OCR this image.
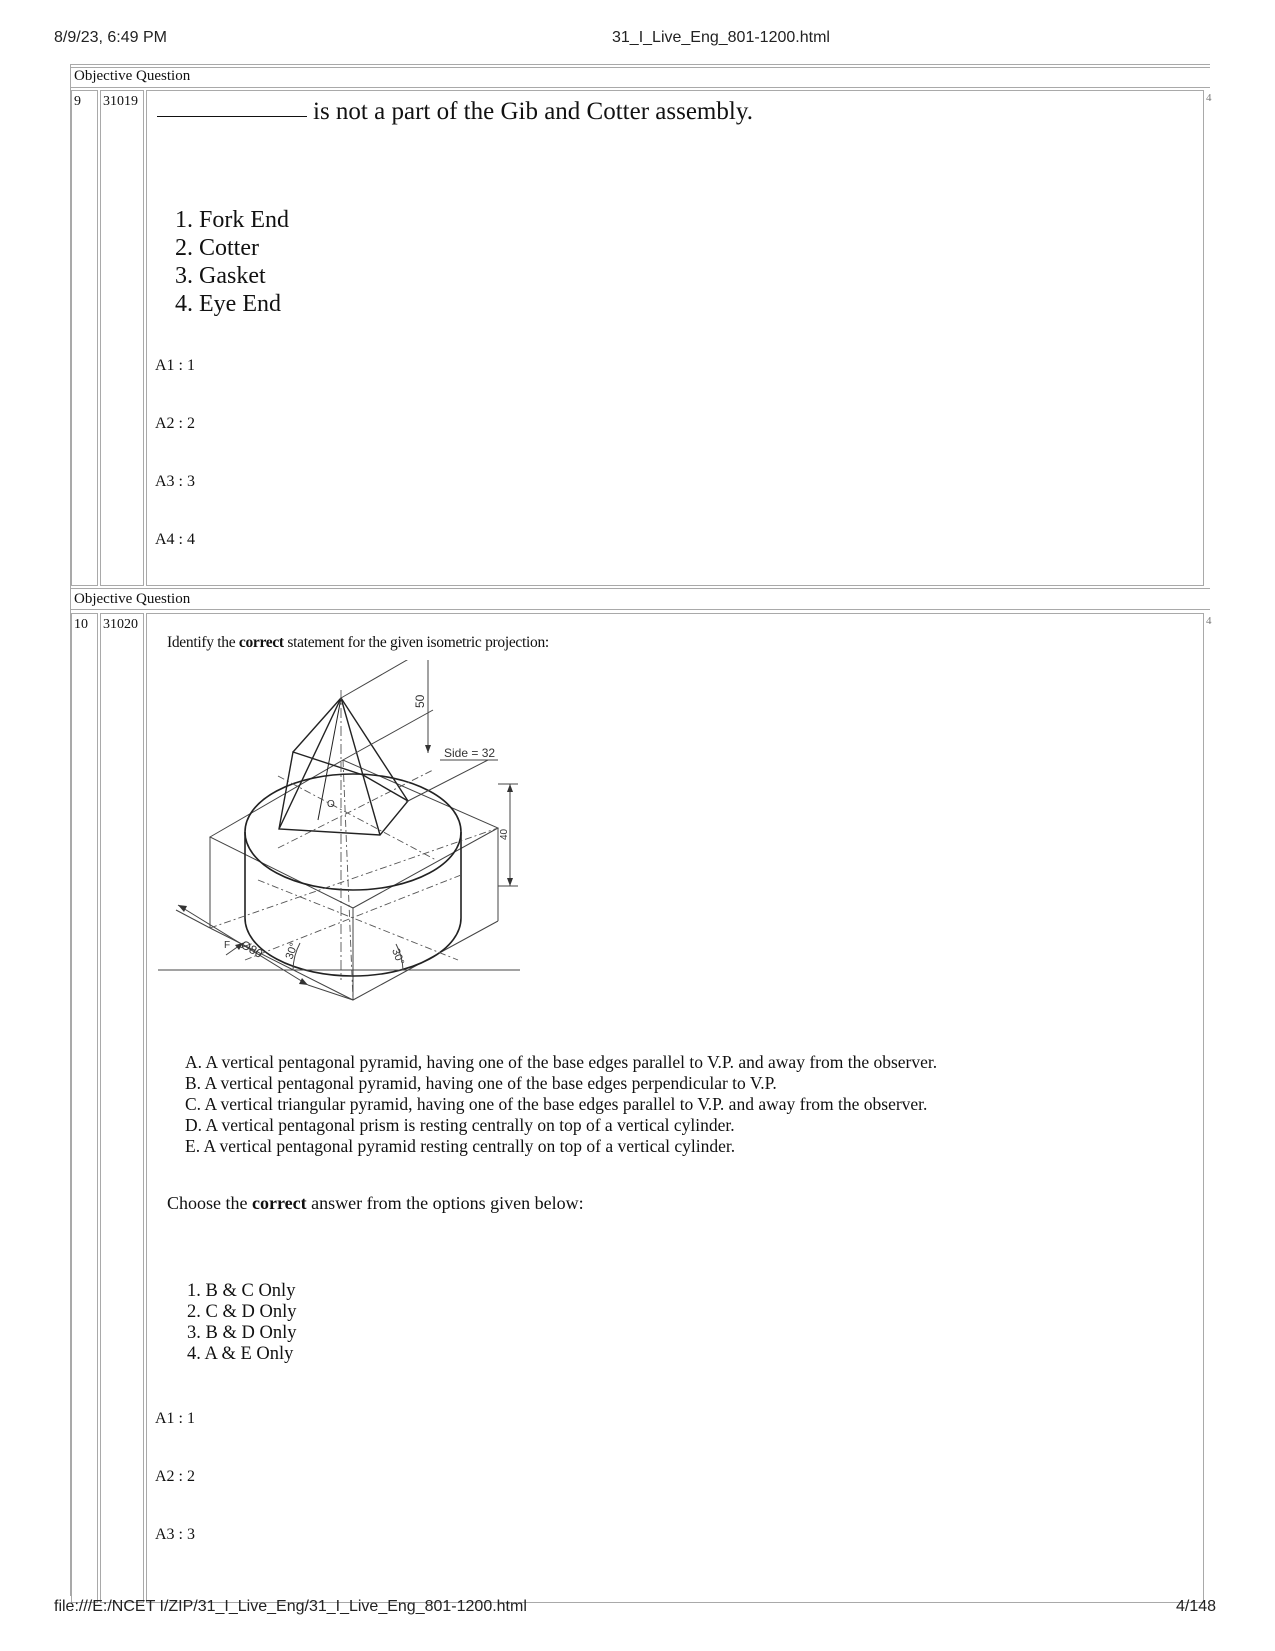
8/9/23, 6:49 PM	31_I_Live_Eng_801-1200.html
Objective Question
9 31019	4
is not a part of the Gib and Cotter assembly.
1. Fork End
2. Cotter
3. Gasket
4. Eye End
A1 : 1
A2 : 2
A3 : 3
A4 : 4
Objective Question
10 31020	4
Identify the correct statement for the given isometric projection:
50
Side = 32
40
Ø80
F	30°	30°
O
A. A vertical pentagonal pyramid, having one of the base edges parallel to V.P. and away from the observer.
B. A vertical pentagonal pyramid, having one of the base edges perpendicular to V.P.
C. A vertical triangular pyramid, having one of the base edges parallel to V.P. and away from the observer.
D. A vertical pentagonal prism is resting centrally on top of a vertical cylinder.
E. A vertical pentagonal pyramid resting centrally on top of a vertical cylinder.
Choose the correct answer from the options given below:
1. B & C Only
2. C & D Only
3. B & D Only
4. A & E Only
A1 : 1
A2 : 2
A3 : 3
file:///E:/NCET I/ZIP/31_I_Live_Eng/31_I_Live_Eng_801-1200.html	4/148
